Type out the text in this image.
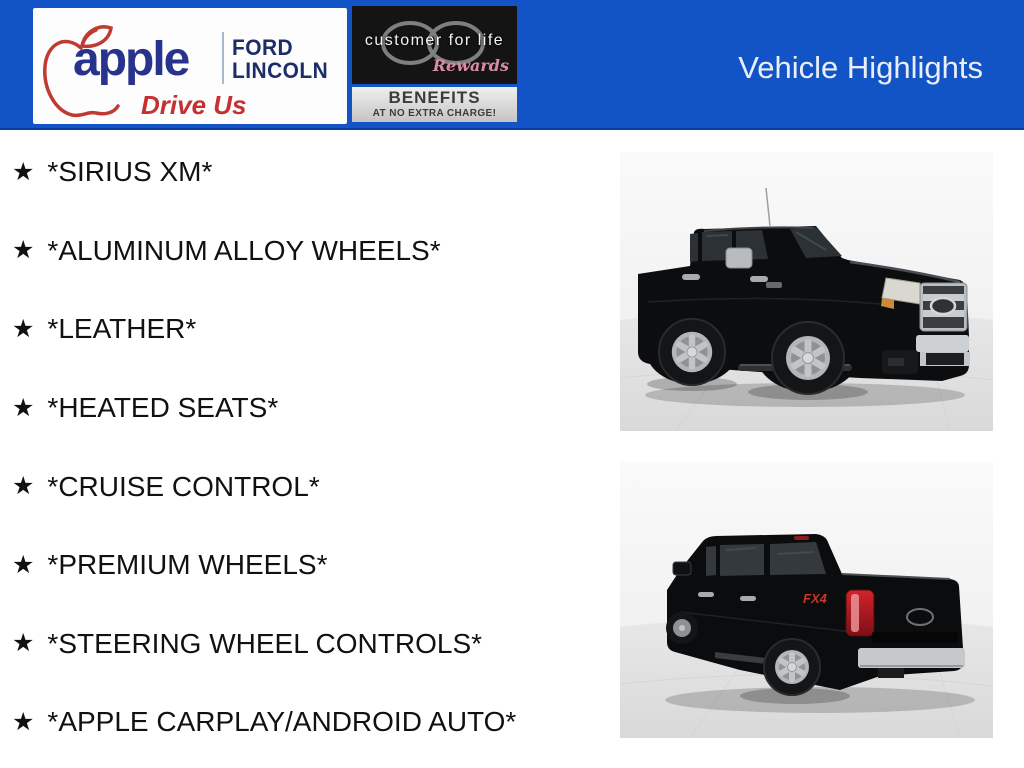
apple FORD
LINCOLN
Drive Us
customer for life
Rewards
BENEFITS
AT NO EXTRA CHARGE!
Vehicle Highlights
★ *SIRIUS XM*
★ *ALUMINUM ALLOY WHEELS*
★ *LEATHER*
★ *HEATED SEATS*
★ *CRUISE CONTROL*
★ *PREMIUM WHEELS*
★ *STEERING WHEEL CONTROLS*
★ *APPLE CARPLAY/ANDROID AUTO*
FX4
